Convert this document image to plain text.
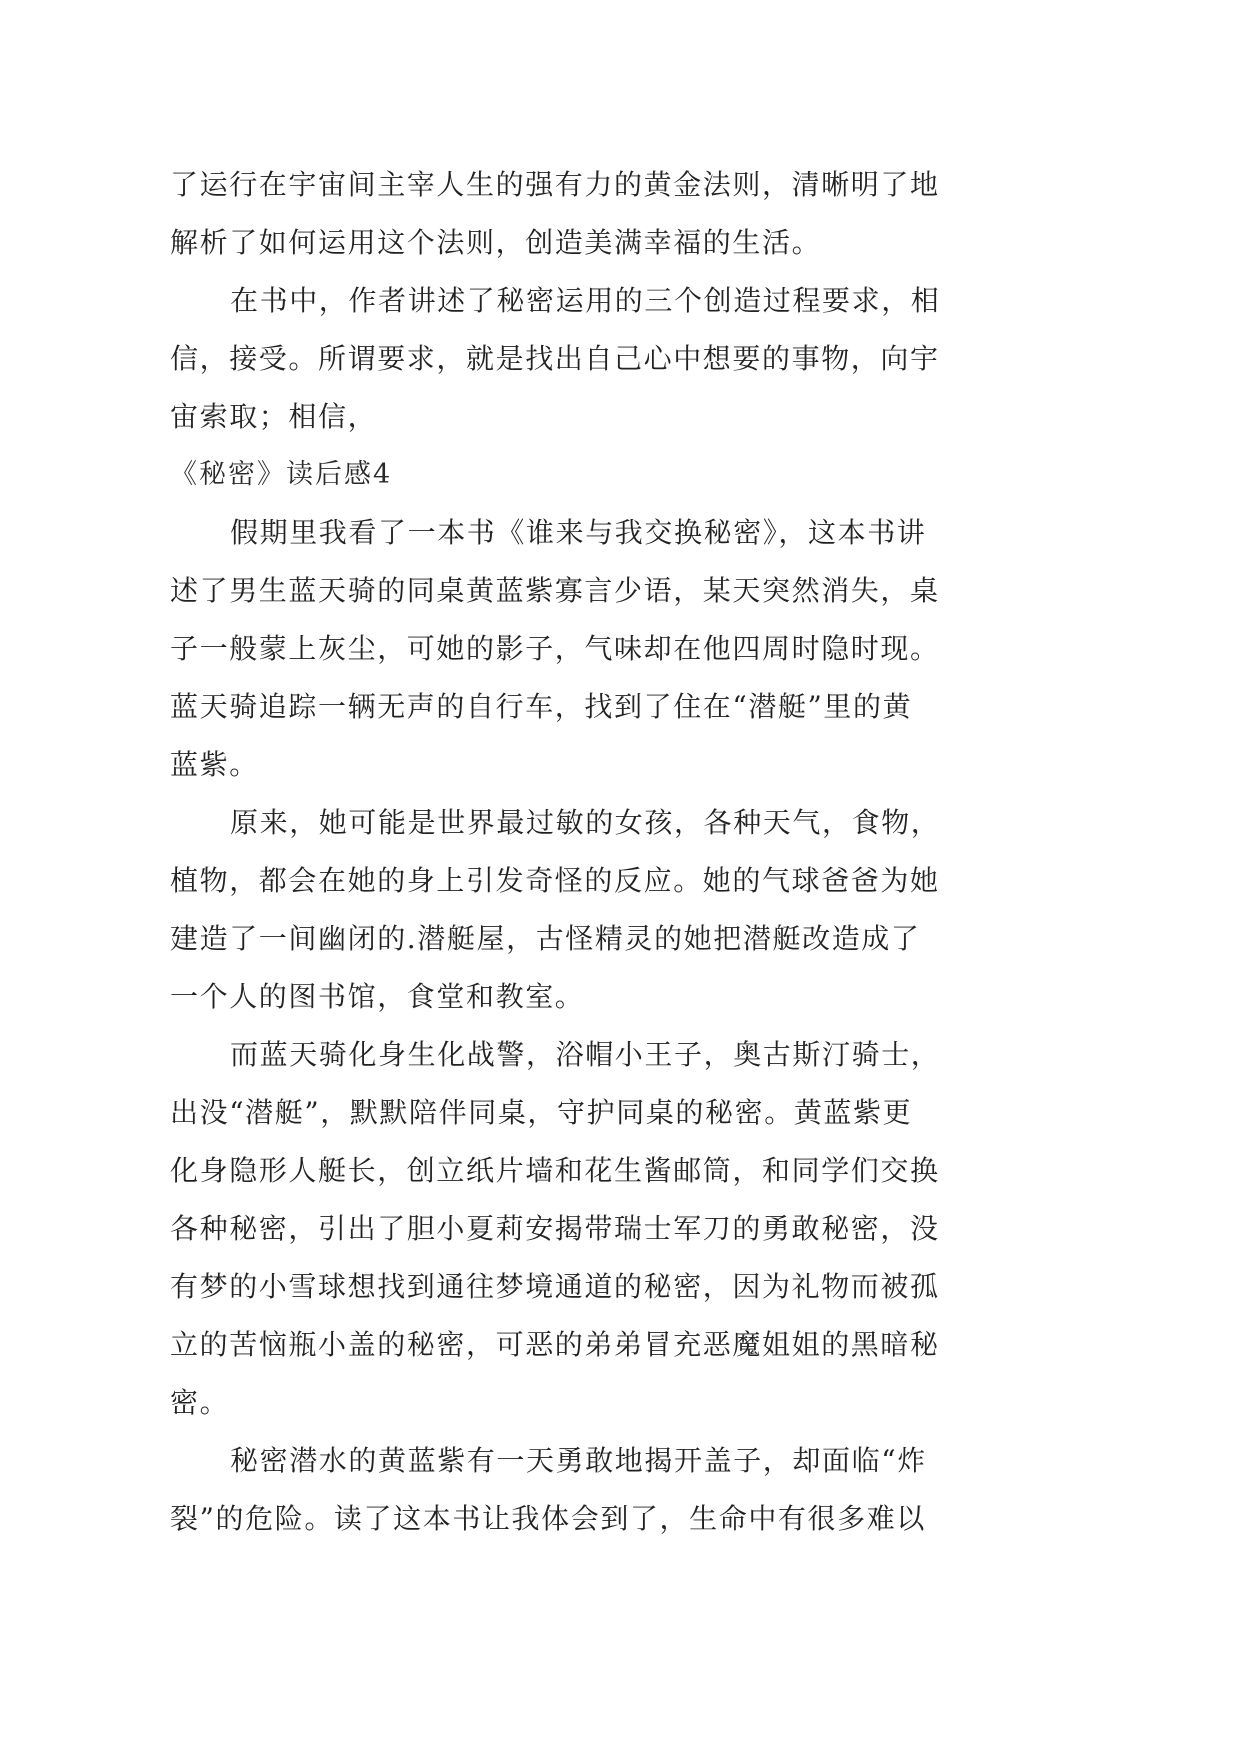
了运行在宇宙间主宰人生的强有力的黄金法则，清晰明了地
解析了如何运用这个法则，创造美满幸福的生活。
在书中，作者讲述了秘密运用的三个创造过程要求，相
信，接受。所谓要求，就是找出自己心中想要的事物，向宇
宙索取；相信，
《秘密》读后感4
假期里我看了一本书《谁来与我交换秘密》，这本书讲
述了男生蓝天骑的同桌黄蓝紫寡言少语，某天突然消失，桌
子一般蒙上灰尘，可她的影子，气味却在他四周时隐时现。
蓝天骑追踪一辆无声的自行车，找到了住在“潜艇”里的黄
蓝紫。
原来，她可能是世界最过敏的女孩，各种天气，食物，
植物，都会在她的身上引发奇怪的反应。她的气球爸爸为她
建造了一间幽闭的.潜艇屋，古怪精灵的她把潜艇改造成了
一个人的图书馆，食堂和教室。
而蓝天骑化身生化战警，浴帽小王子，奥古斯汀骑士，
出没“潜艇”，默默陪伴同桌，守护同桌的秘密。黄蓝紫更
化身隐形人艇长，创立纸片墙和花生酱邮筒，和同学们交换
各种秘密，引出了胆小夏莉安揭带瑞士军刀的勇敢秘密，没
有梦的小雪球想找到通往梦境通道的秘密，因为礼物而被孤
立的苦恼瓶小盖的秘密，可恶的弟弟冒充恶魔姐姐的黑暗秘
密。
秘密潜水的黄蓝紫有一天勇敢地揭开盖子，却面临“炸
裂”的危险。读了这本书让我体会到了，生命中有很多难以
